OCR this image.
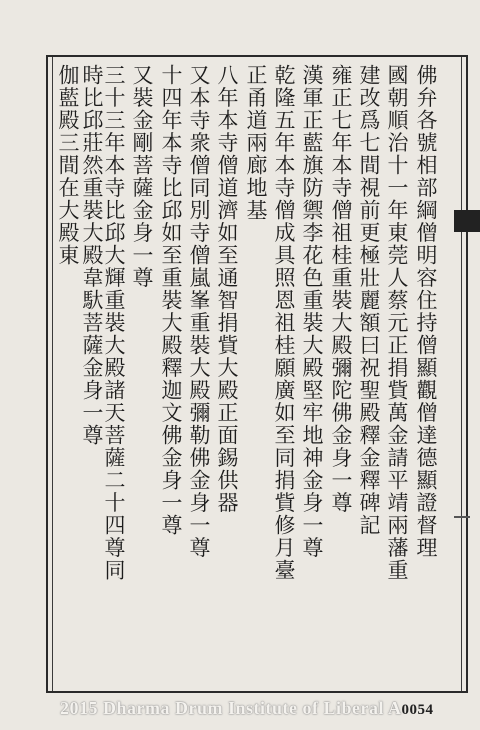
佛弁各號相部綱僧明容住持僧顯觀僧達德顯證督理
國朝順治十一年東莞人蔡元正捐貲萬金請平靖兩藩重
建改爲七間視前更極壯麗額曰祝聖殿釋金釋碑記
雍正七年本寺僧祖桂重裝大殿彌陀佛金身一尊
漢軍正藍旗防禦李花色重裝大殿堅牢地神金身一尊
乾隆五年本寺僧成具照恩祖桂願廣如至同捐貲修月臺
正甬道兩廊地基
八年本寺僧道濟如至通智捐貲大殿正面錫供器
又本寺衆僧同別寺僧嵐峯重裝大殿彌勒佛金身一尊
十四年本寺比邱如至重裝大殿釋迦文佛金身一尊
又裝金剛菩薩金身一尊
三十三年本寺比邱大輝重裝大殿諸天菩薩二十四尊同
時比邱莊然重裝大殿韋馱菩薩金身一尊
伽藍殿三間在大殿東
2015 Dharma Drum Institute of Liberal A0054
